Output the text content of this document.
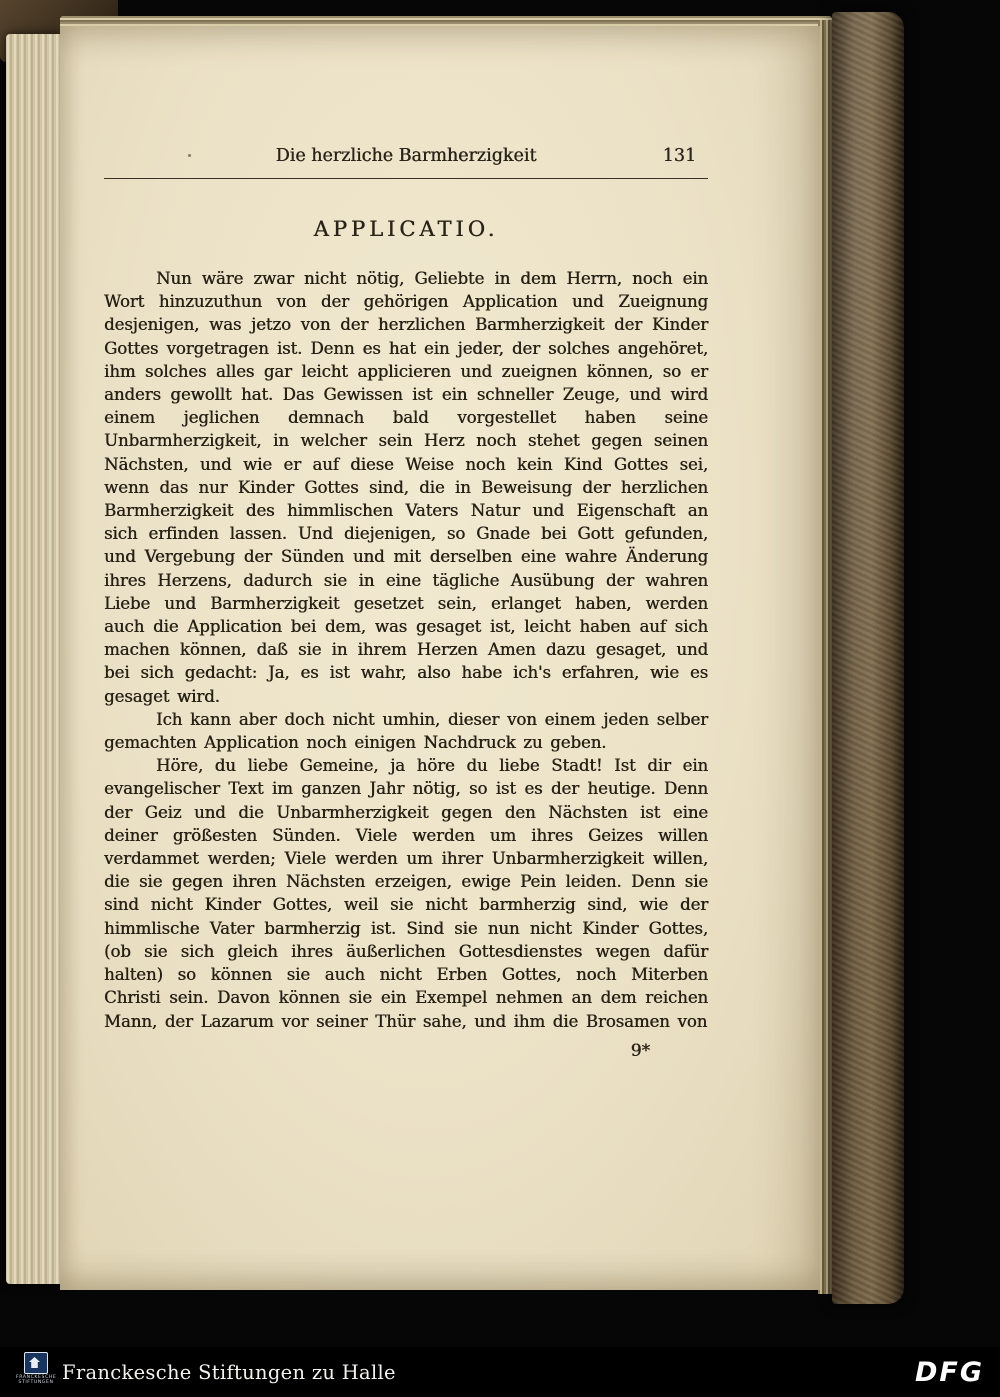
Die herzliche Barmherzigkeit	131
APPLICATIO.

Nun wäre zwar nicht nötig, Geliebte in dem Herrn, noch ein Wort hinzuzuthun von der gehörigen Application und Zueignung desjenigen, was jetzo von der herzlichen Barmherzigkeit der Kinder Gottes vorgetragen ist. Denn es hat ein jeder, der solches angehöret, ihm solches alles gar leicht applicieren und zueignen können, so er anders gewollt hat. Das Gewissen ist ein schneller Zeuge, und wird einem jeglichen demnach bald vorgestellet haben seine Unbarmherzigkeit, in welcher sein Herz noch stehet gegen seinen Nächsten, und wie er auf diese Weise noch kein Kind Gottes sei, wenn das nur Kinder Gottes sind, die in Beweisung der herzlichen Barmherzigkeit des himmlischen Vaters Natur und Eigenschaft an sich erfinden lassen. Und diejenigen, so Gnade bei Gott gefunden, und Vergebung der Sünden und mit derselben eine wahre Änderung ihres Herzens, dadurch sie in eine tägliche Ausübung der wahren Liebe und Barmherzigkeit gesetzet sein, erlanget haben, werden auch die Application bei dem, was gesaget ist, leicht haben auf sich machen können, daß sie in ihrem Herzen Amen dazu gesaget, und bei sich gedacht: Ja, es ist wahr, also habe ich's erfahren, wie es gesaget wird.

Ich kann aber doch nicht umhin, dieser von einem jeden selber gemachten Application noch einigen Nachdruck zu geben.

Höre, du liebe Gemeine, ja höre du liebe Stadt! Ist dir ein evangelischer Text im ganzen Jahr nötig, so ist es der heutige. Denn der Geiz und die Unbarmherzigkeit gegen den Nächsten ist eine deiner größesten Sünden. Viele werden um ihres Geizes willen verdammet werden; Viele werden um ihrer Unbarmherzigkeit willen, die sie gegen ihren Nächsten erzeigen, ewige Pein leiden. Denn sie sind nicht Kinder Gottes, weil sie nicht barmherzig sind, wie der himmlische Vater barmherzig ist. Sind sie nun nicht Kinder Gottes, (ob sie sich gleich ihres äußerlichen Gottesdienstes wegen dafür halten) so können sie auch nicht Erben Gottes, noch Miterben Christi sein. Davon können sie ein Exempel nehmen an dem reichen Mann, der Lazarum vor seiner Thür sahe, und ihm die Brosamen von

9*
FRANCKESCHE
STIFTUNGEN Franckesche Stiftungen zu Halle	DFG
